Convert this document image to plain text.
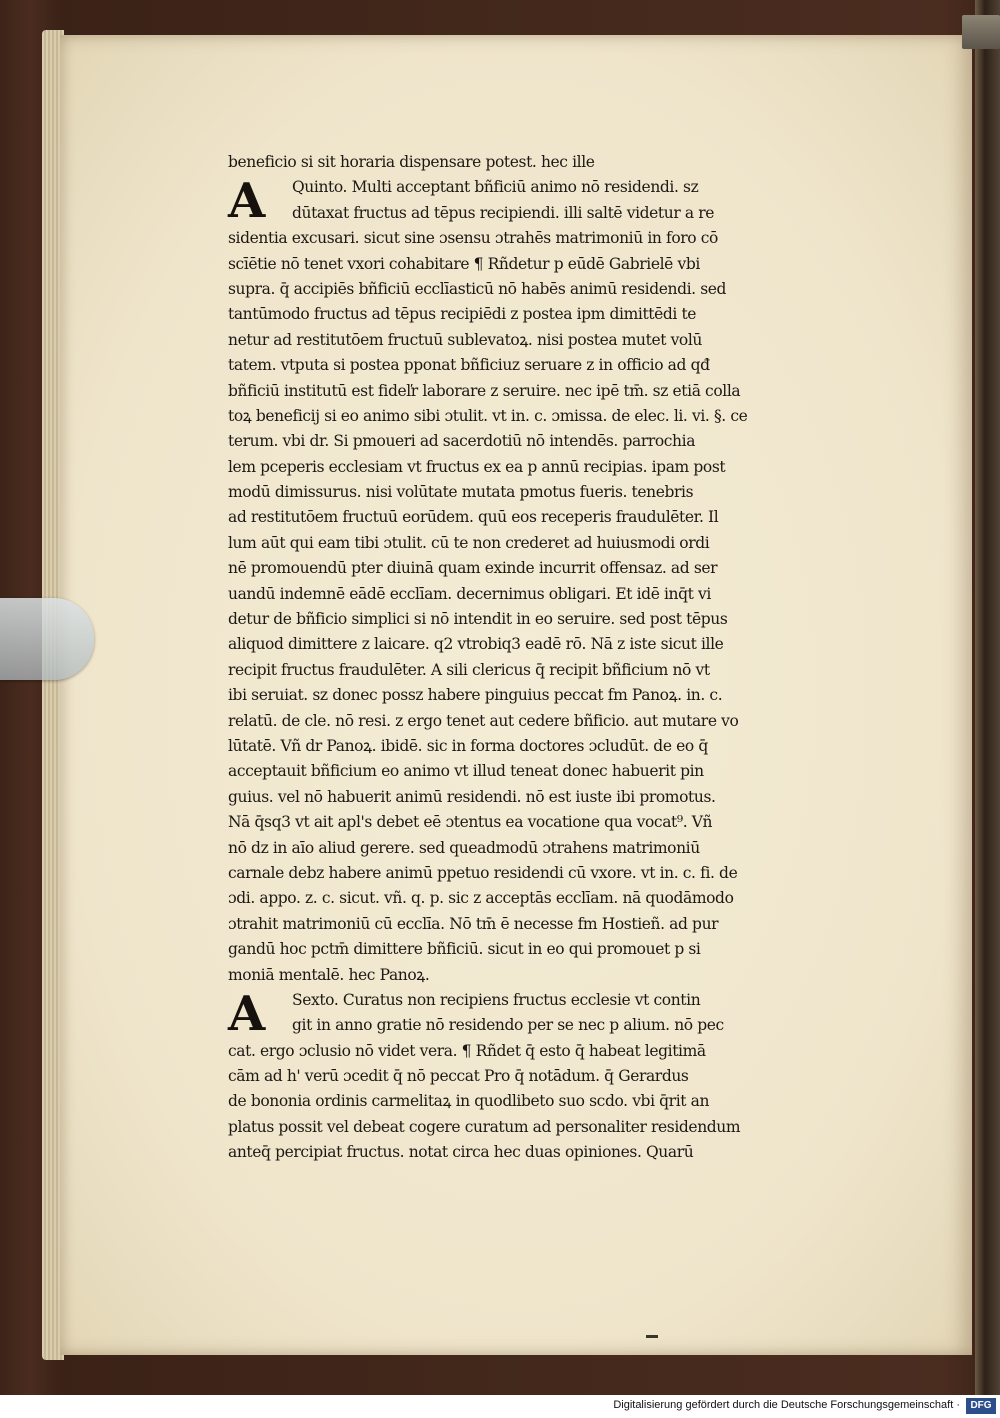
A
A
beneficio si sit horaria dispensare potest. hec ille
Quinto. Multi acceptant bñficiū animo nō residendi. sz
dūtaxat fructus ad tēpus recipiendi. illi saltē videtur a re
sidentia excusari. sicut sine ɔsensu ɔtrahēs matrimoniū in foro cō
scīētie nō tenet vxori cohabitare ¶ Rñdetur p eūdē Gabrielē vbi
supra. q̄ accipiēs bñficiū ecclīasticū nō habēs animū residendi. sed
tantūmodo fructus ad tēpus recipiēdi z postea ipm dimittēdi te
netur ad restitutōem fructuū sublevatoꝝ. nisi postea mutet volū
tatem. vtputa si postea pponat bñficiuz seruare z in officio ad qđ
bñficiū institutū est fideľr laborare z seruire. nec ipē tm̄. sz etiā colla
toꝝ beneficij si eo animo sibi ɔtulit. vt in. c. ɔmissa. de elec. li. vi. §. ce
terum. vbi dr. Si pmoueri ad sacerdotiū nō intendēs. parrochia
lem pceperis ecclesiam vt fructus ex ea p annū recipias. ipam post
modū dimissurus. nisi volūtate mutata pmotus fueris. tenebris
ad restitutōem fructuū eorūdem. quū eos receperis fraudulēter. Il
lum aūt qui eam tibi ɔtulit. cū te non crederet ad huiusmodi ordi
nē promouendū pter diuinā quam exinde incurrit offensaz. ad ser
uandū indemnē eādē ecclīam. decernimus obligari. Et idē inq̄t vi
detur de bñficio simplici si nō intendit in eo seruire. sed post tēpus
aliquod dimittere z laicare. q2 vtrobiq3 eadē rō. Nā z iste sicut ille
recipit fructus fraudulēter. A sili clericus q̄ recipit bñficium nō vt
ibi seruiat. sz donec possz habere pinguius peccat fm Panoꝝ. in. c.
relatū. de cle. nō resi. z ergo tenet aut cedere bñficio. aut mutare vo
lūtatē. Vñ dr Panoꝝ. ibidē. sic in forma doctores ɔcludūt. de eo q̄
acceptauit bñficium eo animo vt illud teneat donec habuerit pin
guius. vel nō habuerit animū residendi. nō est iuste ibi promotus.
Nā q̄sq3 vt ait apl's debet eē ɔtentus ea vocatione qua vocat⁹. Vñ
nō dz in aīo aliud gerere. sed queadmodū ɔtrahens matrimoniū
carnale debz habere animū ppetuo residendi cū vxore. vt in. c. fi. de
ɔdi. appo. z. c. sicut. vñ. q. p. sic z acceptās ecclīam. nā quodāmodo
ɔtrahit matrimoniū cū ecclīa. Nō tm̄ ē necesse fm Hostieñ. ad pur
gandū hoc pctm̄ dimittere bñficiū. sicut in eo qui promouet p si
moniā mentalē. hec Panoꝝ.
Sexto. Curatus non recipiens fructus ecclesie vt contin
git in anno gratie nō residendo per se nec p alium. nō pec
cat. ergo ɔclusio nō videt vera. ¶ Rñdet q̄ esto q̄ habeat legitimā
cām ad h' verū ɔcedit q̄ nō peccat Pro q̄ notādum. q̄ Gerardus
de bononia ordinis carmelitaꝝ in quodlibeto suo scdo. vbi q̄rit an
platus possit vel debeat cogere curatum ad personaliter residendum
anteq̄ percipiat fructus. notat circa hec duas opiniones. Quarū
Digitalisierung gefördert durch die Deutsche Forschungsgemeinschaft ·	DFG
